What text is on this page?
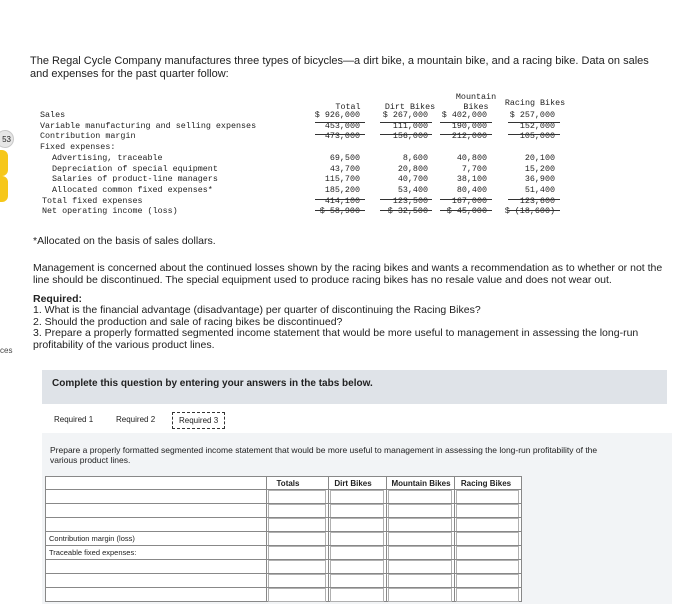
53
ces
The Regal Cycle Company manufactures three types of bicycles—a dirt bike, a mountain bike, and a racing bike. Data on sales and expenses for the past quarter follow:
Total	Dirt Bikes
Mountain
Bikes	Racing Bikes
Sales	$ 926,000	$ 267,000	$ 402,000	$ 257,000
Variable manufacturing and selling expenses	453,000	111,000	190,000	152,000
Contribution margin	473,000	156,000	212,000	105,000
Fixed expenses:
Advertising, traceable	69,500	8,600	40,800	20,100
Depreciation of special equipment	43,700	20,800	7,700	15,200
Salaries of product-line managers	115,700	40,700	38,100	36,900
Allocated common fixed expenses*	185,200	53,400	80,400	51,400
Total fixed expenses	414,100	123,500	167,000	123,600
Net operating income (loss)	$ 58,900	$ 32,500	$ 45,000	$ (18,600)
*Allocated on the basis of sales dollars.
Management is concerned about the continued losses shown by the racing bikes and wants a recommendation as to whether or not the line should be discontinued. The special equipment used to produce racing bikes has no resale value and does not wear out.
Required:
1. What is the financial advantage (disadvantage) per quarter of discontinuing the Racing Bikes?
2. Should the production and sale of racing bikes be discontinued?
3. Prepare a properly formatted segmented income statement that would be more useful to management in assessing the long-run profitability of the various product lines.
Complete this question by entering your answers in the tabs below.
Required 1	Required 2	Required 3
Prepare a properly formatted segmented income statement that would be more useful to management in assessing the long-run profitability of the various product lines.
Totals	Dirt Bikes	Mountain Bikes	Racing Bikes
Contribution margin (loss)
Traceable fixed expenses:
